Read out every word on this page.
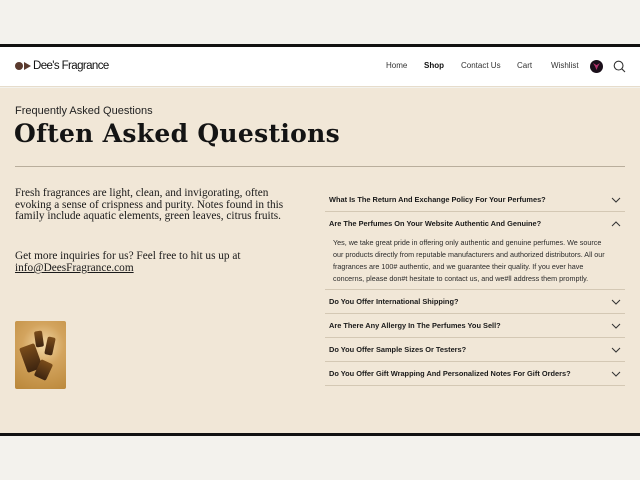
Dee's Fragrance	Home Shop Contact Us Cart Wishlist
Frequently Asked Questions
Often Asked Questions

Fresh fragrances are light, clean, and invigorating, often evoking a sense of crispness and purity. Notes found in this family include aquatic elements, green leaves, citrus fruits.

Get more inquiries for us? Feel free to hit us up at
info@DeesFragrance.com

What Is The Return And Exchange Policy For Your Perfumes?
Are The Perfumes On Your Website Authentic And Genuine?
Yes, we take great pride in offering only authentic and genuine perfumes. We source our products directly from reputable manufacturers and authorized distributors. All our fragrances are 100# authentic, and we guarantee their quality. If you ever have concerns, please don#t hesitate to contact us, and we#ll address them promptly.
Do You Offer International Shipping?
Are There Any Allergy In The Perfumes You Sell?
Do You Offer Sample Sizes Or Testers?
Do You Offer Gift Wrapping And Personalized Notes For Gift Orders?
